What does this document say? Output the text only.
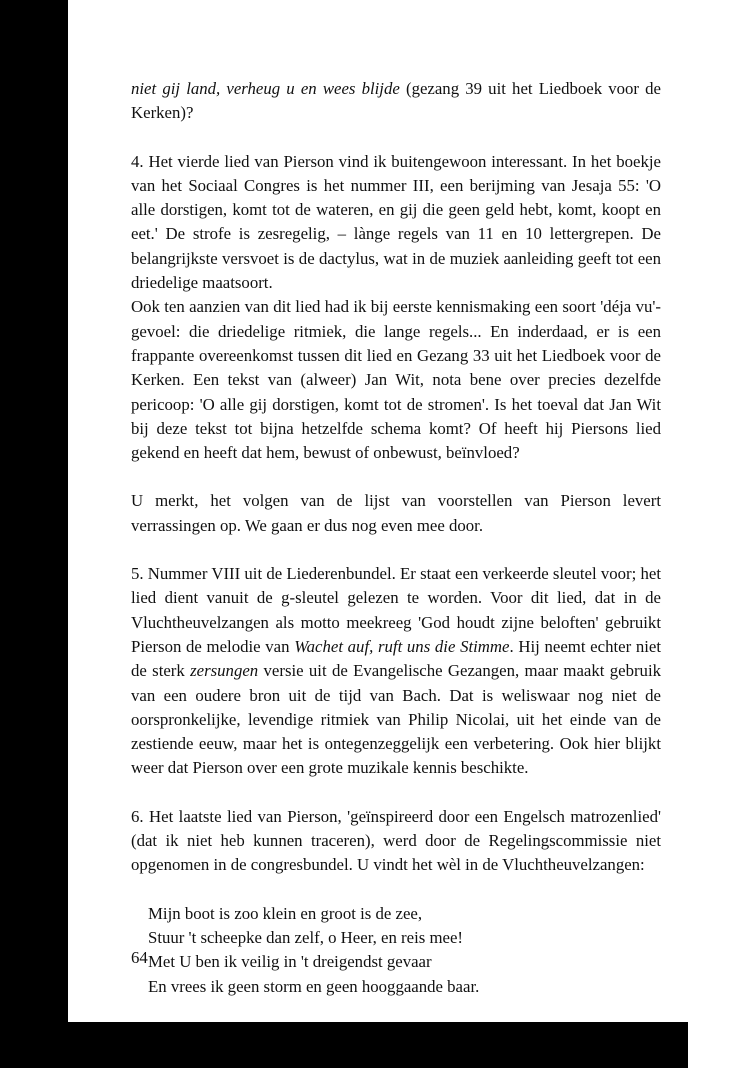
niet gij land, verheug u en wees blijde (gezang 39 uit het Liedboek voor de Kerken)?

4. Het vierde lied van Pierson vind ik buitengewoon interessant. In het boekje van het Sociaal Congres is het nummer III, een berijming van Jesaja 55: 'O alle dorstigen, komt tot de wateren, en gij die geen geld hebt, komt, koopt en eet.' De strofe is zesregelig, – lànge regels van 11 en 10 lettergrepen. De belangrijkste versvoet is de dactylus, wat in de muziek aanleiding geeft tot een driedelige maatsoort.

Ook ten aanzien van dit lied had ik bij eerste kennismaking een soort 'déja vu'-gevoel: die driedelige ritmiek, die lange regels... En inderdaad, er is een frappante overeenkomst tussen dit lied en Gezang 33 uit het Liedboek voor de Kerken. Een tekst van (alweer) Jan Wit, nota bene over precies dezelfde pericoop: 'O alle gij dorstigen, komt tot de stromen'. Is het toeval dat Jan Wit bij deze tekst tot bijna hetzelfde schema komt? Of heeft hij Piersons lied gekend en heeft dat hem, bewust of onbewust, beïnvloed?

U merkt, het volgen van de lijst van voorstellen van Pierson levert verrassingen op. We gaan er dus nog even mee door.

5. Nummer VIII uit de Liederenbundel. Er staat een verkeerde sleutel voor; het lied dient vanuit de g-sleutel gelezen te worden. Voor dit lied, dat in de Vluchtheuvelzangen als motto meekreeg 'God houdt zijne beloften' gebruikt Pierson de melodie van Wachet auf, ruft uns die Stimme. Hij neemt echter niet de sterk zersungen versie uit de Evangelische Gezangen, maar maakt gebruik van een oudere bron uit de tijd van Bach. Dat is weliswaar nog niet de oorspronkelijke, levendige ritmiek van Philip Nicolai, uit het einde van de zestiende eeuw, maar het is ontegenzeggelijk een verbetering. Ook hier blijkt weer dat Pierson over een grote muzikale kennis beschikte.

6. Het laatste lied van Pierson, 'geïnspireerd door een Engelsch matrozenlied' (dat ik niet heb kunnen traceren), werd door de Regelingscommissie niet opgenomen in de congresbundel. U vindt het wèl in de Vluchtheuvelzangen:

Mijn boot is zoo klein en groot is de zee,
Stuur 't scheepke dan zelf, o Heer, en reis mee!
Met U ben ik veilig in 't dreigendst gevaar
En vrees ik geen storm en geen hooggaande baar.
64
